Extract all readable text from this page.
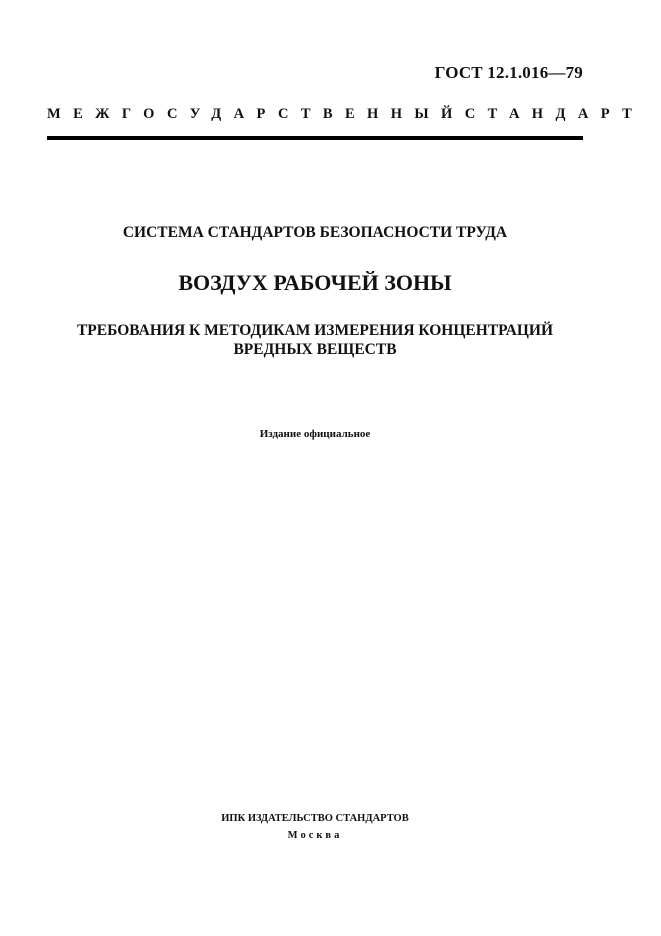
ГОСТ 12.1.016—79
МЕЖГОСУДАРСТВЕННЫЙ СТАНДАРТ
СИСТЕМА СТАНДАРТОВ БЕЗОПАСНОСТИ ТРУДА
ВОЗДУХ РАБОЧЕЙ ЗОНЫ
ТРЕБОВАНИЯ К МЕТОДИКАМ ИЗМЕРЕНИЯ КОНЦЕНТРАЦИЙ
ВРЕДНЫХ ВЕЩЕСТВ
Издание официальное
ИПК ИЗДАТЕЛЬСТВО СТАНДАРТОВ
Москва
